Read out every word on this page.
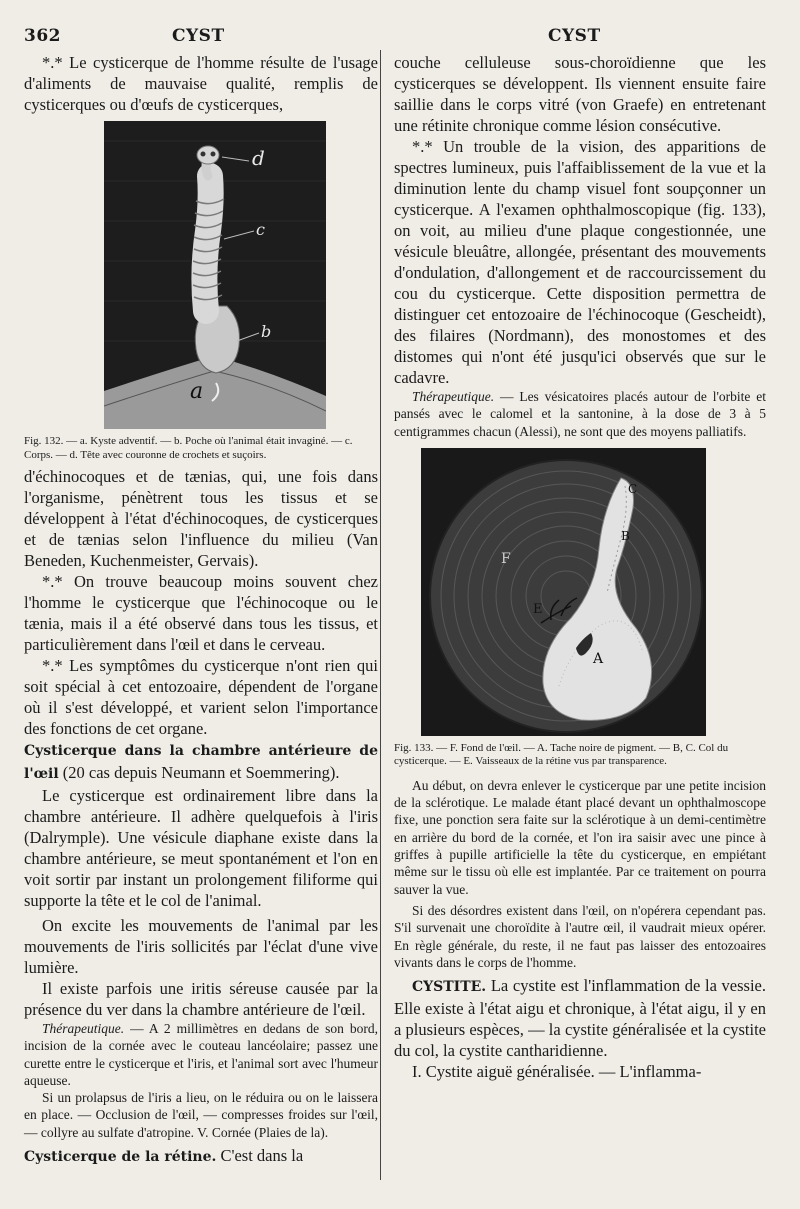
362	CYST	CYST

*.* Le cysticerque de l'homme résulte de l'usage d'aliments de mauvaise qualité, remplis de cysticerques ou d'œufs de cysticerques,

d
c
b
a

Fig. 132. — a. Kyste adventif. — b. Poche où l'animal était invaginé. — c. Corps. — d. Tête avec couronne de crochets et suçoirs.

d'échinocoques et de tænias, qui, une fois dans l'organisme, pénètrent tous les tissus et se développent à l'état d'échinocoques, de cysticerques et de tænias selon l'influence du milieu (Van Beneden, Kuchenmeister, Gervais).

*.* On trouve beaucoup moins souvent chez l'homme le cysticerque que l'échinocoque ou le tænia, mais il a été observé dans tous les tissus, et particulièrement dans l'œil et dans le cerveau.

*.* Les symptômes du cysticerque n'ont rien qui soit spécial à cet entozoaire, dépendent de l'organe où il s'est développé, et varient selon l'importance des fonctions de cet organe.

Cysticerque dans la chambre antérieure de l'œil (20 cas depuis Neumann et Soemmering).

Le cysticerque est ordinairement libre dans la chambre antérieure. Il adhère quelquefois à l'iris (Dalrymple). Une vésicule diaphane existe dans la chambre antérieure, se meut spontanément et l'on en voit sortir par instant un prolongement filiforme qui supporte la tête et le col de l'animal.

On excite les mouvements de l'animal par les mouvements de l'iris sollicités par l'éclat d'une vive lumière.

Il existe parfois une iritis séreuse causée par la présence du ver dans la chambre antérieure de l'œil.

Thérapeutique. — A 2 millimètres en dedans de son bord, incision de la cornée avec le couteau lancéolaire; passez une curette entre le cysticerque et l'iris, et l'animal sort avec l'humeur aqueuse.

Si un prolapsus de l'iris a lieu, on le réduira ou on le laissera en place. — Occlusion de l'œil, — compresses froides sur l'œil, — collyre au sulfate d'atropine. V. Cornée (Plaies de la).

Cysticerque de la rétine. C'est dans la

couche celluleuse sous-choroïdienne que les cysticerques se développent. Ils viennent ensuite faire saillie dans le corps vitré (von Graefe) en entretenant une rétinite chronique comme lésion consécutive.

*.* Un trouble de la vision, des apparitions de spectres lumineux, puis l'affaiblissement de la vue et la diminution lente du champ visuel font soupçonner un cysticerque. A l'examen ophthalmoscopique (fig. 133), on voit, au milieu d'une plaque congestionnée, une vésicule bleuâtre, allongée, présentant des mouvements d'ondulation, d'allongement et de raccourcissement du cou du cysticerque. Cette disposition permettra de distinguer cet entozoaire de l'échinocoque (Gescheidt), des filaires (Nordmann), des monostomes et des distomes qui n'ont été jusqu'ici observés que sur le cadavre.

Thérapeutique. — Les vésicatoires placés autour de l'orbite et pansés avec le calomel et la santonine, à la dose de 3 à 5 centigrammes chacun (Alessi), ne sont que des moyens palliatifs.

F
A
B
C
E

Fig. 133. — F. Fond de l'œil. — A. Tache noire de pigment. — B, C. Col du cysticerque. — E. Vaisseaux de la rétine vus par transparence.

Au début, on devra enlever le cysticerque par une petite incision de la sclérotique. Le malade étant placé devant un ophthalmoscope fixe, une ponction sera faite sur la sclérotique à un demi-centimètre en arrière du bord de la cornée, et l'on ira saisir avec une pince à griffes à pupille artificielle la tête du cysticerque, en empiétant même sur le tissu où elle est implantée. Par ce traitement on pourra sauver la vue.

Si des désordres existent dans l'œil, on n'opérera cependant pas. S'il survenait une choroïdite à l'autre œil, il vaudrait mieux opérer. En règle générale, du reste, il ne faut pas laisser des entozoaires vivants dans le corps de l'homme.

CYSTITE. La cystite est l'inflammation de la vessie. Elle existe à l'état aigu et chronique, à l'état aigu, il y en a plusieurs espèces, — la cystite généralisée et la cystite du col, la cystite cantharidienne.

I. Cystite aiguë généralisée. — L'inflamma-
